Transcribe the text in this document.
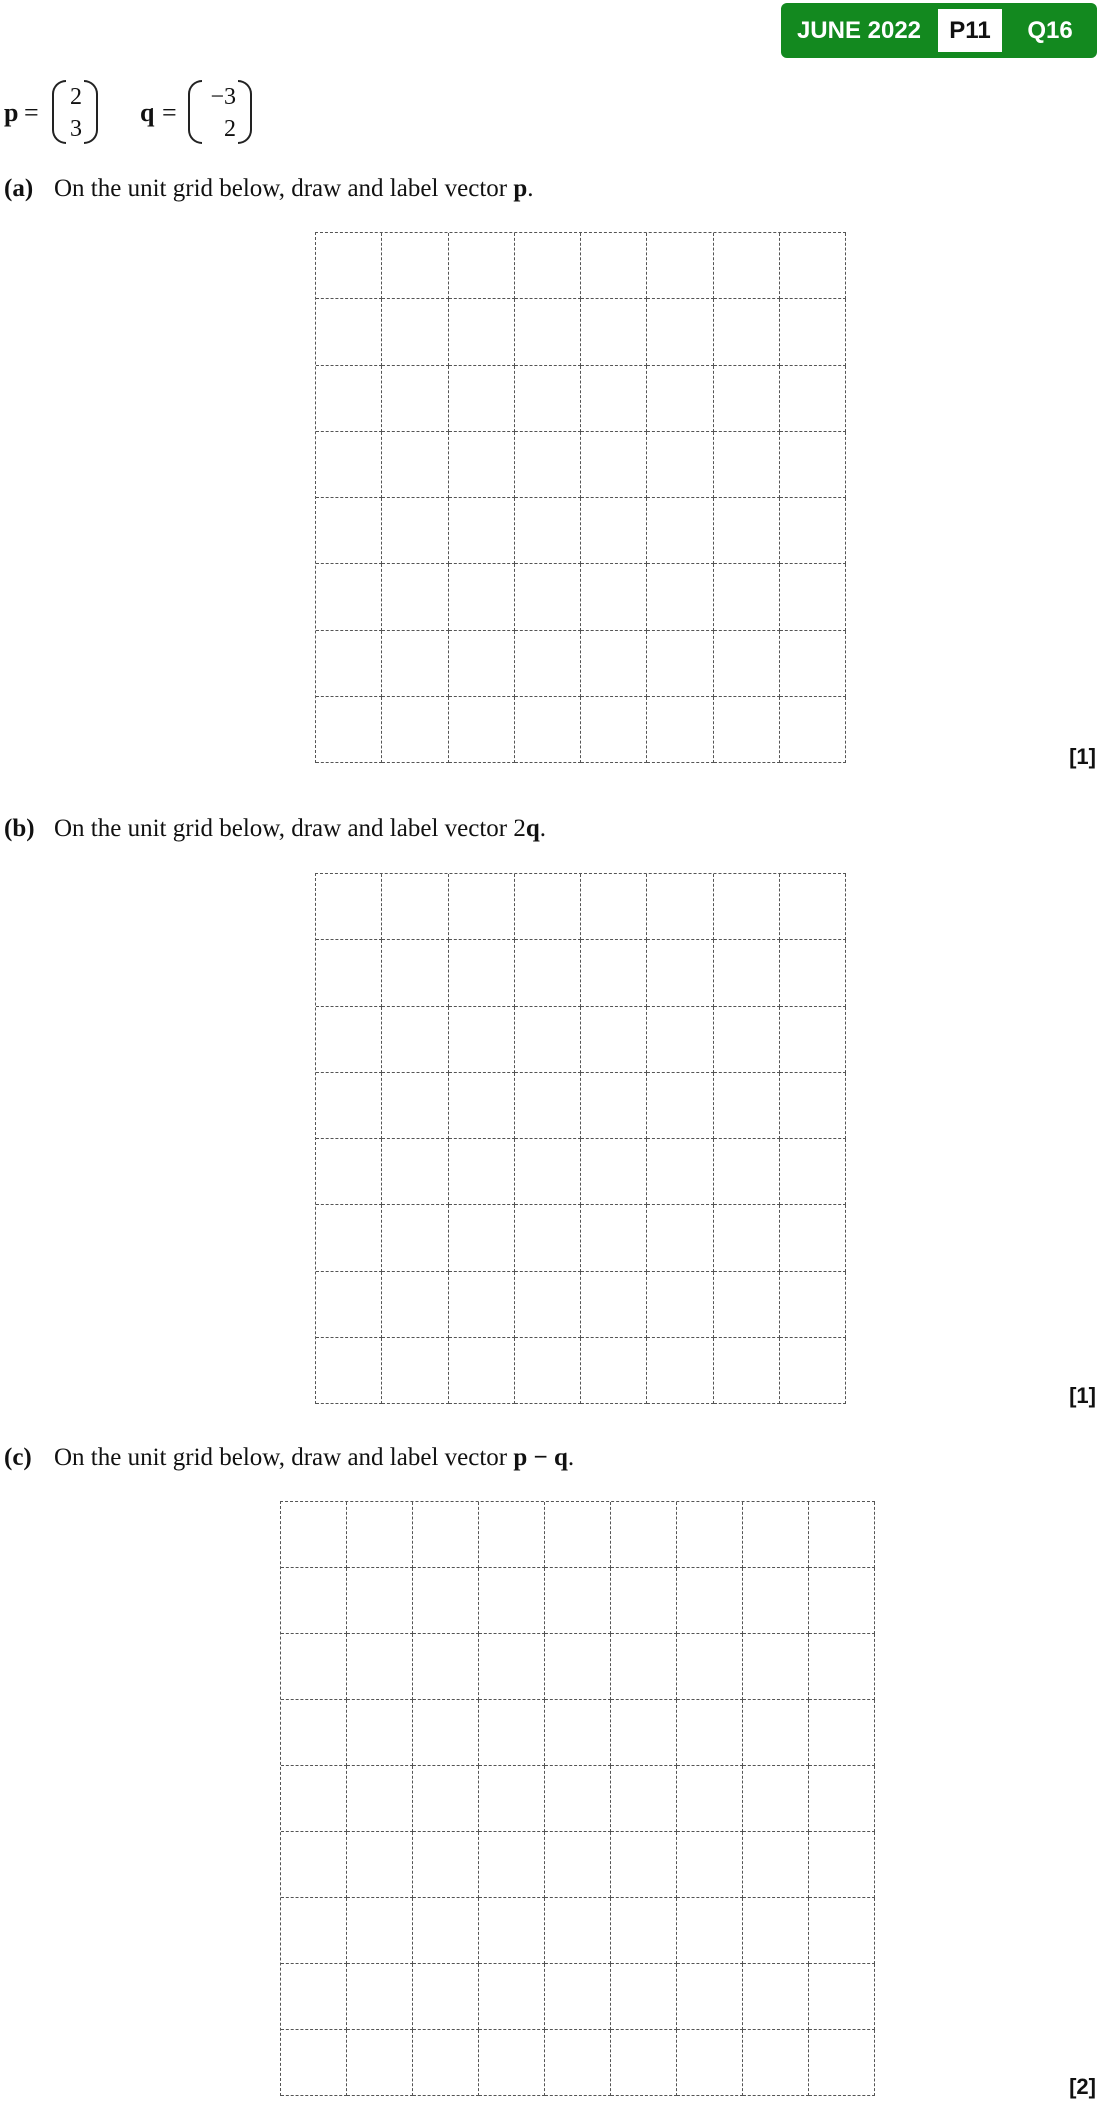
JUNE 2022	P11	Q16
p =
2
3
q =
−3
2
(a) On the unit grid below, draw and label vector p.
[1]
(b) On the unit grid below, draw and label vector 2q.
[1]
(c) On the unit grid below, draw and label vector p − q.
[2]
